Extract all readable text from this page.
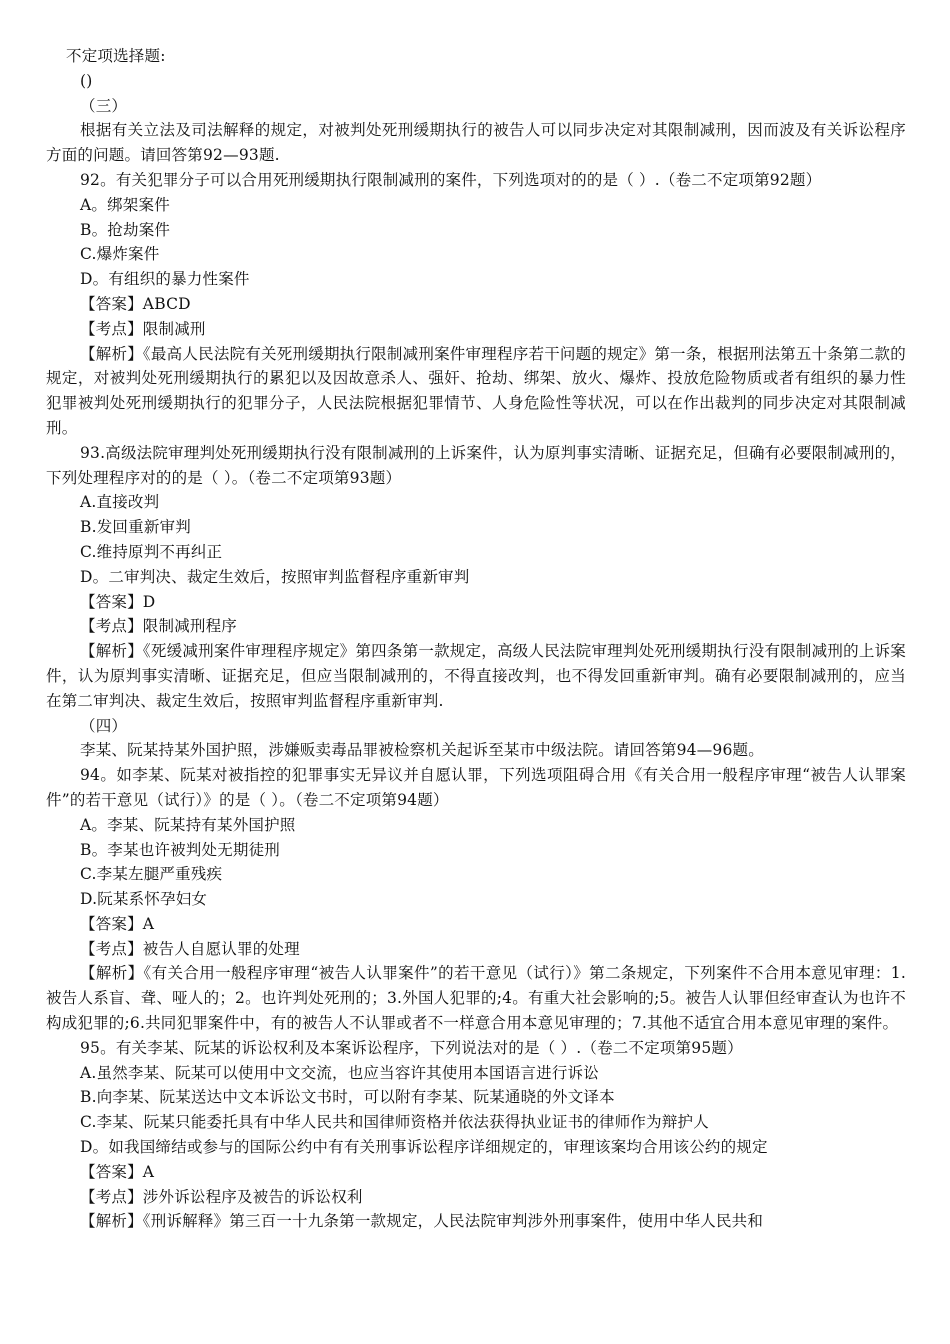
不定项选择题:

()

（三）

根据有关立法及司法解释的规定，对被判处死刑缓期执行的被告人可以同步决定对其限制减刑，因而波及有关诉讼程序方面的问题。请回答第92—93题.

92。有关犯罪分子可以合用死刑缓期执行限制减刑的案件，下列选项对的的是（ ）.（卷二不定项第92题）

A。绑架案件

B。抢劫案件

C.爆炸案件

D。有组织的暴力性案件

【答案】ABCD

【考点】限制减刑

【解析】《最高人民法院有关死刑缓期执行限制减刑案件审理程序若干问题的规定》第一条，根据刑法第五十条第二款的规定，对被判处死刑缓期执行的累犯以及因故意杀人、强奸、抢劫、绑架、放火、爆炸、投放危险物质或者有组织的暴力性犯罪被判处死刑缓期执行的犯罪分子，人民法院根据犯罪情节、人身危险性等状况，可以在作出裁判的同步决定对其限制减刑。

93.高级法院审理判处死刑缓期执行没有限制减刑的上诉案件，认为原判事实清晰、证据充足，但确有必要限制减刑的，下列处理程序对的的是（ ）。（卷二不定项第93题）

A.直接改判

B.发回重新审判

C.维持原判不再纠正

D。二审判决、裁定生效后，按照审判监督程序重新审判

【答案】D

【考点】限制减刑程序

【解析】《死缓减刑案件审理程序规定》第四条第一款规定，高级人民法院审理判处死刑缓期执行没有限制减刑的上诉案件，认为原判事实清晰、证据充足，但应当限制减刑的，不得直接改判，也不得发回重新审判。确有必要限制减刑的，应当在第二审判决、裁定生效后，按照审判监督程序重新审判.

（四）

李某、阮某持某外国护照，涉嫌贩卖毒品罪被检察机关起诉至某市中级法院。请回答第94—96题。

94。如李某、阮某对被指控的犯罪事实无异议并自愿认罪，下列选项阻碍合用《有关合用一般程序审理“被告人认罪案件”的若干意见（试行）》的是（ ）。（卷二不定项第94题）

A。李某、阮某持有某外国护照

B。李某也许被判处无期徒刑

C.李某左腿严重残疾

D.阮某系怀孕妇女

【答案】A

【考点】被告人自愿认罪的处理

【解析】《有关合用一般程序审理“被告人认罪案件”的若干意见（试行）》第二条规定，下列案件不合用本意见审理：1.被告人系盲、聋、哑人的；2。也许判处死刑的；3.外国人犯罪的;4。有重大社会影响的;5。被告人认罪但经审查认为也许不构成犯罪的;6.共同犯罪案件中，有的被告人不认罪或者不一样意合用本意见审理的；7.其他不适宜合用本意见审理的案件。

95。有关李某、阮某的诉讼权利及本案诉讼程序，下列说法对的是（ ）.（卷二不定项第95题）

A.虽然李某、阮某可以使用中文交流，也应当容许其使用本国语言进行诉讼

B.向李某、阮某送达中文本诉讼文书时，可以附有李某、阮某通晓的外文译本

C.李某、阮某只能委托具有中华人民共和国律师资格并依法获得执业证书的律师作为辩护人

D。如我国缔结或参与的国际公约中有有关刑事诉讼程序详细规定的，审理该案均合用该公约的规定

【答案】A

【考点】涉外诉讼程序及被告的诉讼权利

【解析】《刑诉解释》第三百一十九条第一款规定，人民法院审判涉外刑事案件，使用中华人民共和
